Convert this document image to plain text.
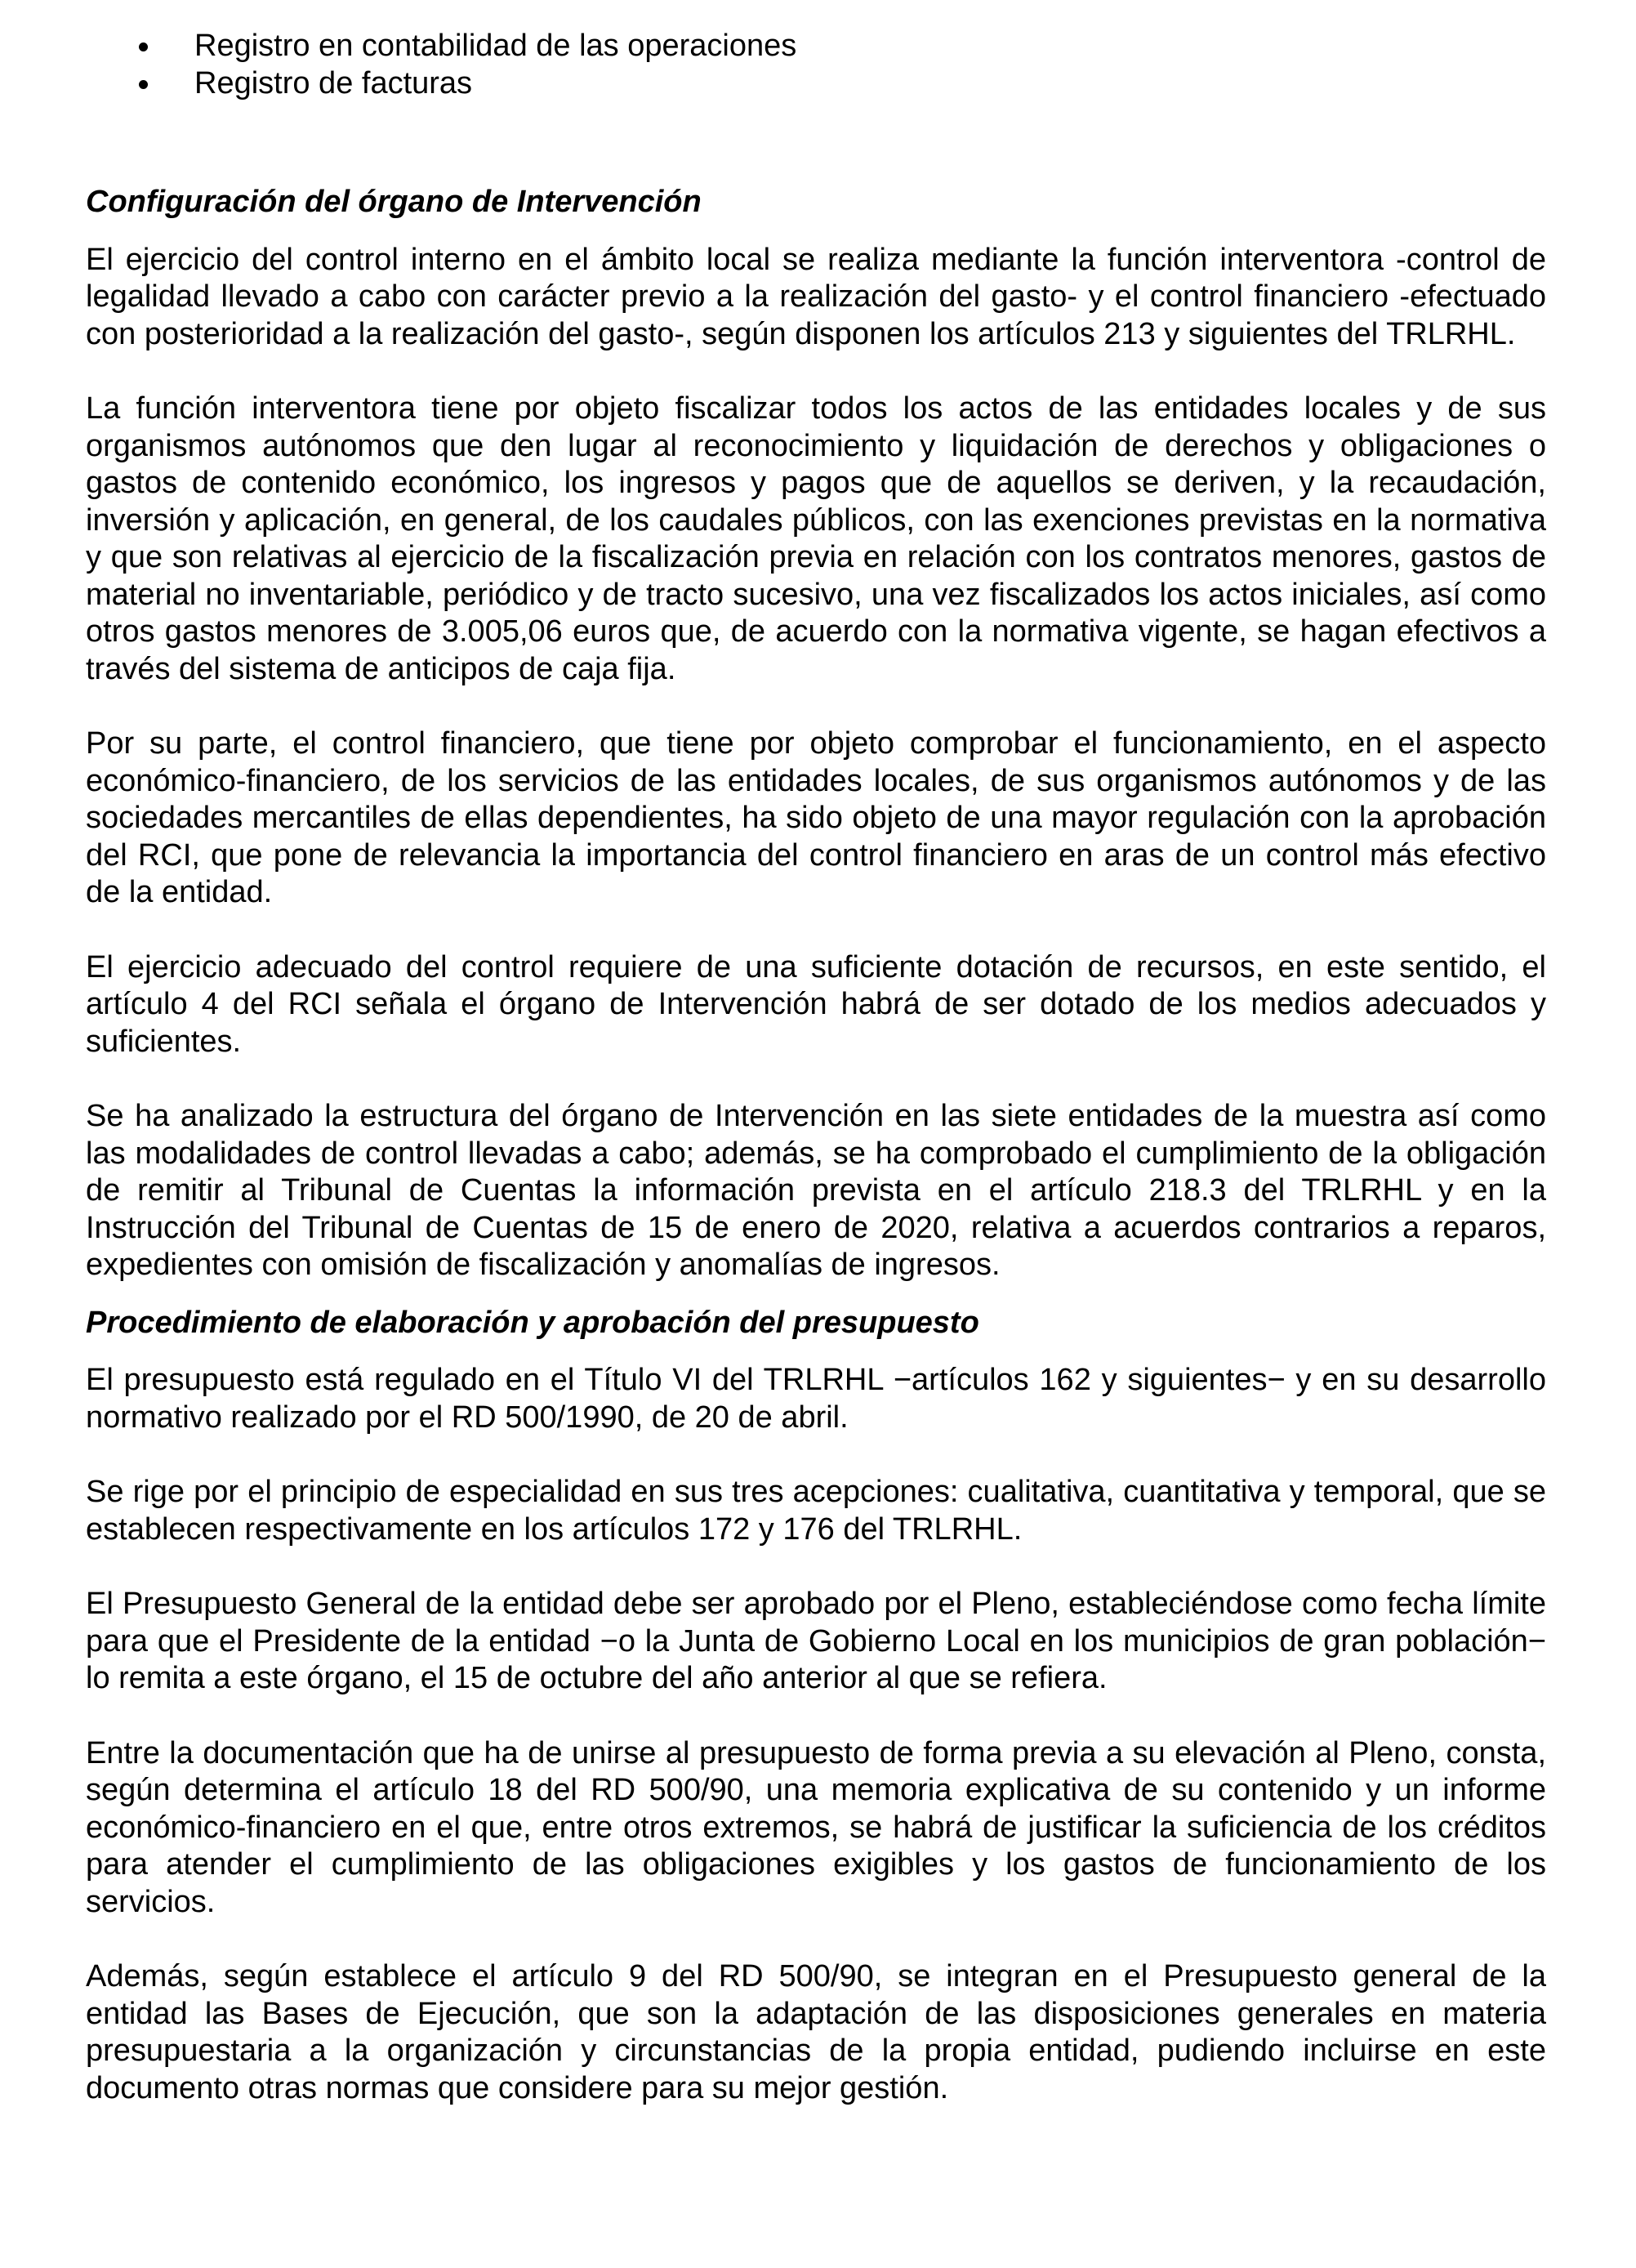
Registro en contabilidad de las operaciones
Registro de facturas
Configuración del órgano de Intervención

El ejercicio del control interno en el ámbito local se realiza mediante la función interventora -control de legalidad llevado a cabo con carácter previo a la realización del gasto- y el control financiero -efectuado con posterioridad a la realización del gasto-, según disponen los artículos 213 y siguientes del TRLRHL.

La función interventora tiene por objeto fiscalizar todos los actos de las entidades locales y de sus organismos autónomos que den lugar al reconocimiento y liquidación de derechos y obligaciones o gastos de contenido económico, los ingresos y pagos que de aquellos se deriven, y la recaudación, inversión y aplicación, en general, de los caudales públicos, con las exenciones previstas en la normativa y que son relativas al ejercicio de la fiscalización previa en relación con los contratos menores, gastos de material no inventariable, periódico y de tracto sucesivo, una vez fiscalizados los actos iniciales, así como otros gastos menores de 3.005,06 euros que, de acuerdo con la normativa vigente, se hagan efectivos a través del sistema de anticipos de caja fija.

Por su parte, el control financiero, que tiene por objeto comprobar el funcionamiento, en el aspecto económico-financiero, de los servicios de las entidades locales, de sus organismos autónomos y de las sociedades mercantiles de ellas dependientes, ha sido objeto de una mayor regulación con la aprobación del RCI, que pone de relevancia la importancia del control financiero en aras de un control más efectivo de la entidad.

El ejercicio adecuado del control requiere de una suficiente dotación de recursos, en este sentido, el artículo 4 del RCI señala el órgano de Intervención habrá de ser dotado de los medios adecuados y suficientes.

Se ha analizado la estructura del órgano de Intervención en las siete entidades de la muestra así como las modalidades de control llevadas a cabo; además, se ha comprobado el cumplimiento de la obligación de remitir al Tribunal de Cuentas la información prevista en el artículo 218.3 del TRLRHL y en la Instrucción del Tribunal de Cuentas de 15 de enero de 2020, relativa a acuerdos contrarios a reparos, expedientes con omisión de fiscalización y anomalías de ingresos.

Procedimiento de elaboración y aprobación del presupuesto

El presupuesto está regulado en el Título VI del TRLRHL −artículos 162 y siguientes− y en su desarrollo normativo realizado por el RD 500/1990, de 20 de abril.

Se rige por el principio de especialidad en sus tres acepciones: cualitativa, cuantitativa y temporal, que se establecen respectivamente en los artículos 172 y 176 del TRLRHL.

El Presupuesto General de la entidad debe ser aprobado por el Pleno, estableciéndose como fecha límite para que el Presidente de la entidad −o la Junta de Gobierno Local en los municipios de gran población− lo remita a este órgano, el 15 de octubre del año anterior al que se refiera.

Entre la documentación que ha de unirse al presupuesto de forma previa a su elevación al Pleno, consta, según determina el artículo 18 del RD 500/90, una memoria explicativa de su contenido y un informe económico-financiero en el que, entre otros extremos, se habrá de justificar la suficiencia de los créditos para atender el cumplimiento de las obligaciones exigibles y los gastos de funcionamiento de los servicios.

Además, según establece el artículo 9 del RD 500/90, se integran en el Presupuesto general de la entidad las Bases de Ejecución, que son la adaptación de las disposiciones generales en materia presupuestaria a la organización y circunstancias de la propia entidad, pudiendo incluirse en este documento otras normas que considere para su mejor gestión.
